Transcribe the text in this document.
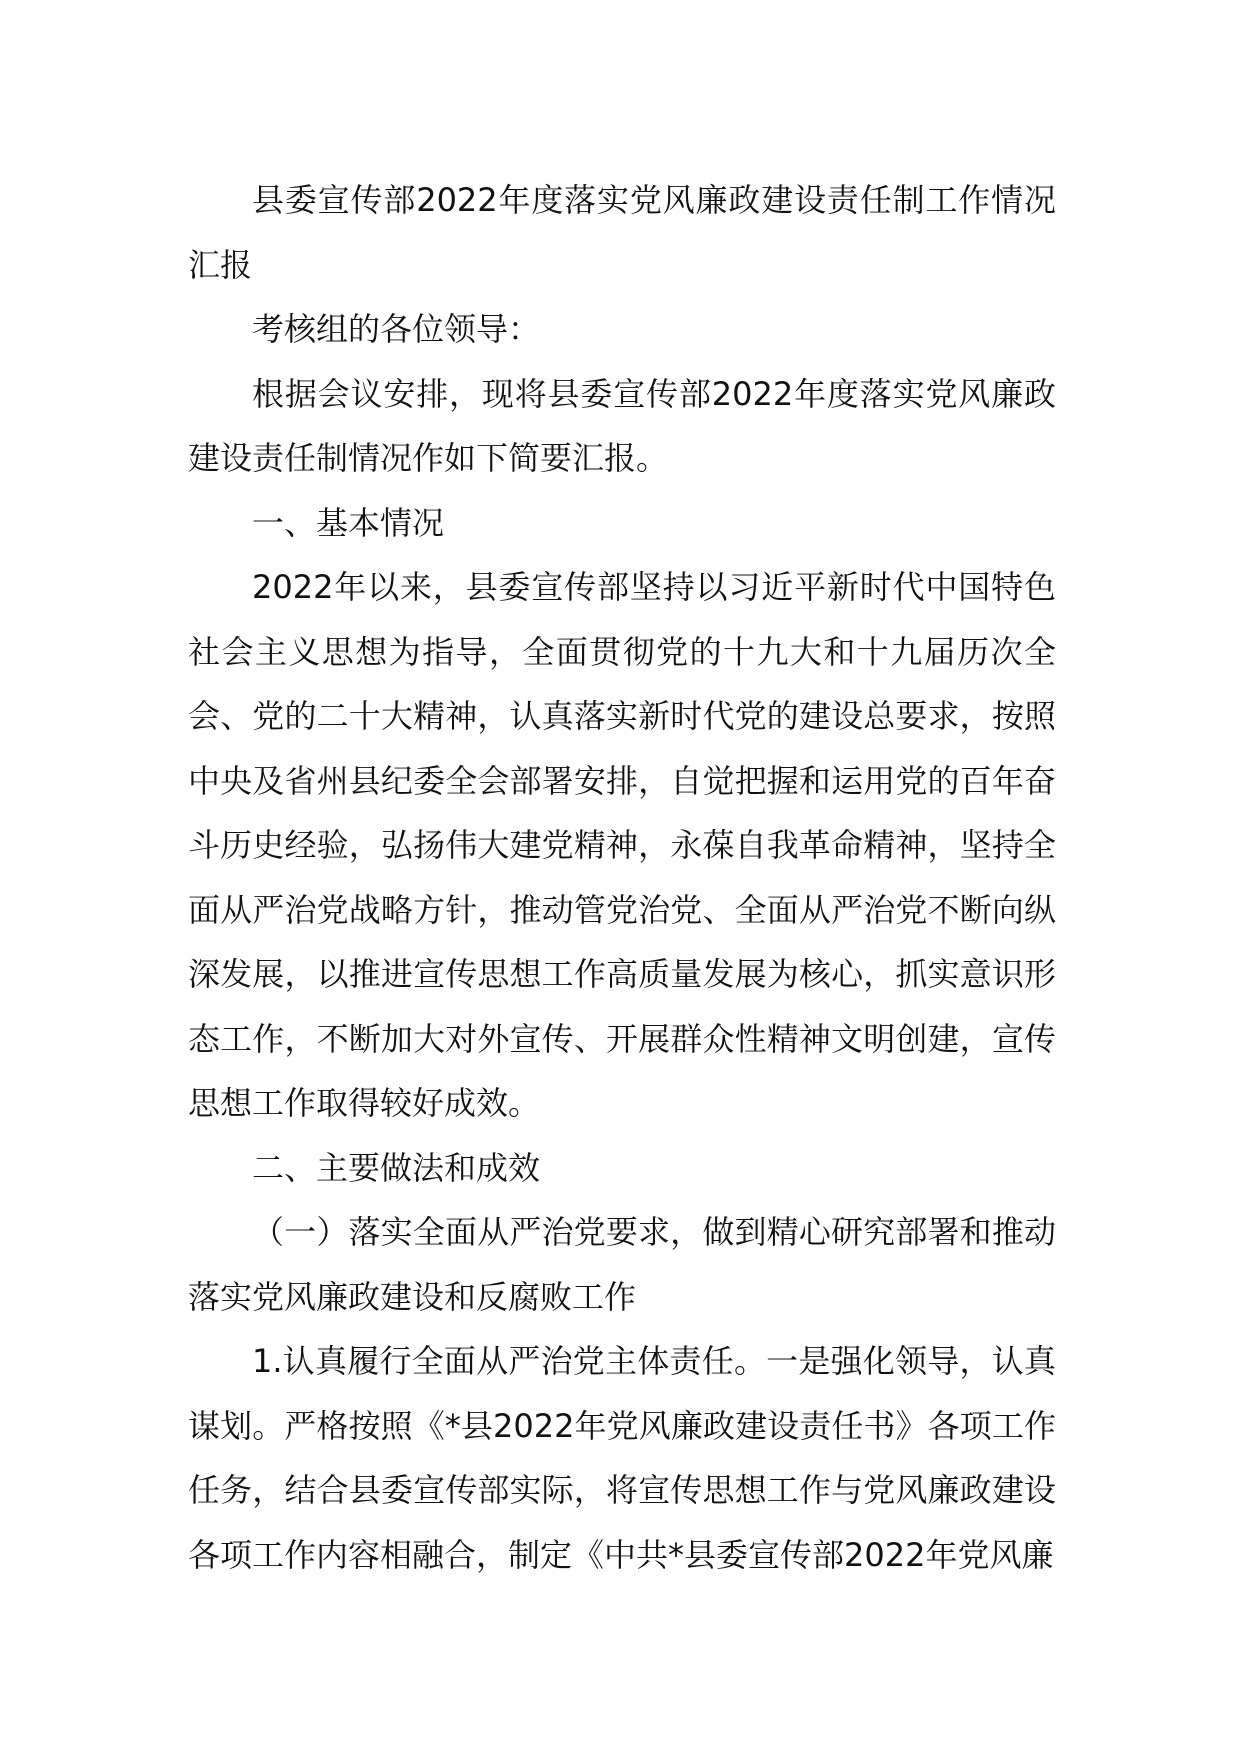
县委宣传部2022年度落实党风廉政建设责任制工作情况汇报

考核组的各位领导：

根据会议安排，现将县委宣传部2022年度落实党风廉政建设责任制情况作如下简要汇报。

一、基本情况

2022年以来，县委宣传部坚持以习近平新时代中国特色社会主义思想为指导，全面贯彻党的十九大和十九届历次全会、党的二十大精神，认真落实新时代党的建设总要求，按照中央及省州县纪委全会部署安排，自觉把握和运用党的百年奋斗历史经验，弘扬伟大建党精神，永葆自我革命精神，坚持全面从严治党战略方针，推动管党治党、全面从严治党不断向纵深发展，以推进宣传思想工作高质量发展为核心，抓实意识形态工作，不断加大对外宣传、开展群众性精神文明创建，宣传思想工作取得较好成效。

二、主要做法和成效

（一）落实全面从严治党要求，做到精心研究部署和推动落实党风廉政建设和反腐败工作

1.认真履行全面从严治党主体责任。一是强化领导，认真谋划。严格按照《*县2022年党风廉政建设责任书》各项工作任务，结合县委宣传部实际，将宣传思想工作与党风廉政建设各项工作内容相融合，制定《中共*县委宣传部2022年党风廉
